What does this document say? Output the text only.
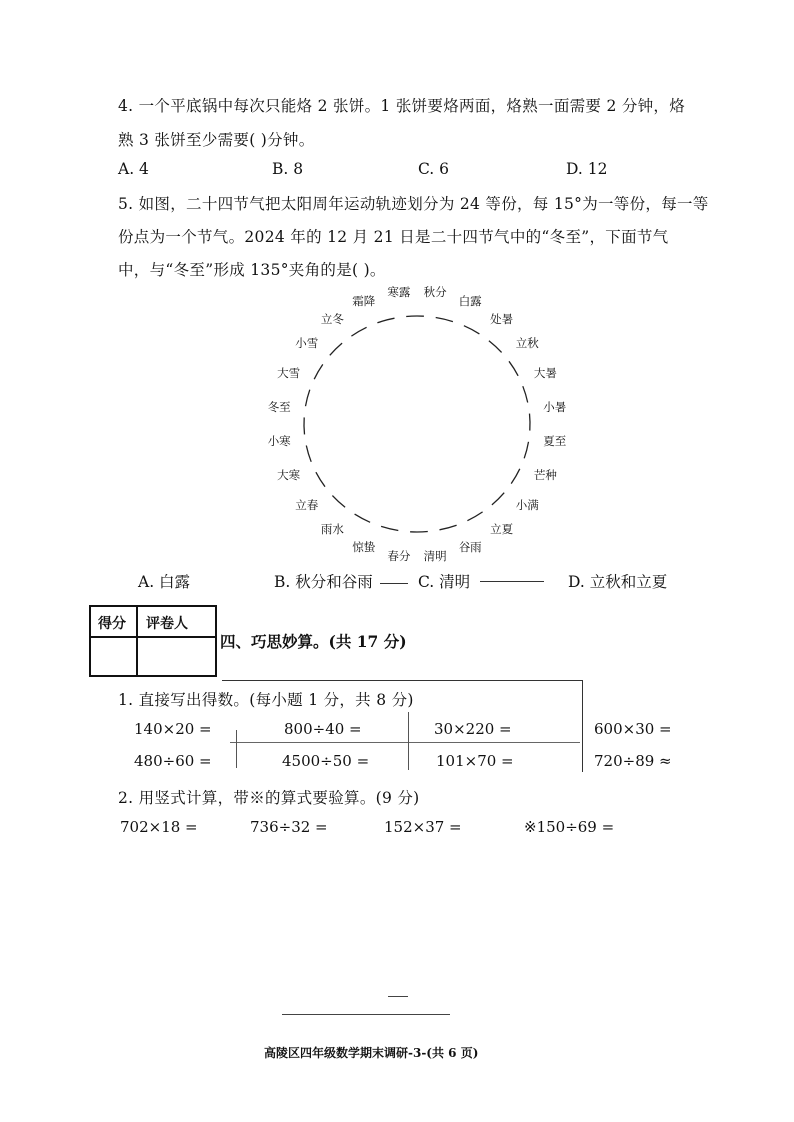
4. 一个平底锅中每次只能烙 2 张饼。1 张饼要烙两面，烙熟一面需要 2 分钟，烙
熟 3 张饼至少需要( )分钟。
A. 4	B. 8	C. 6	D. 12
5. 如图，二十四节气把太阳周年运动轨迹划分为 24 等份，每 15°为一等份，每一等
份点为一个节气。2024 年的 12 月 21 日是二十四节气中的“冬至”，下面节气
中，与“冬至”形成 135°夹角的是( )。
寒露 秋分
白露
处暑
立秋
大暑
小暑
夏至
芒种
小满
立夏
谷雨
清明
春分
惊蛰
雨水
立春
大寒
小寒
冬至
大雪
小雪
立冬
霜降
A. 白露	B. 秋分和谷雨	C. 清明	D. 立秋和立夏
得分 评卷人
四、巧思妙算。(共 17 分)
1. 直接写出得数。(每小题 1 分，共 8 分)
140×20 =	800÷40 =	30×220 =	600×30 =
480÷60 =	4500÷50 =	101×70 =	720÷89 ≈
2. 用竖式计算，带※的算式要验算。(9 分)
702×18 =	736÷32 =	152×37 =	※150÷69 =
高陵区四年级数学期末调研-3-(共 6 页)
